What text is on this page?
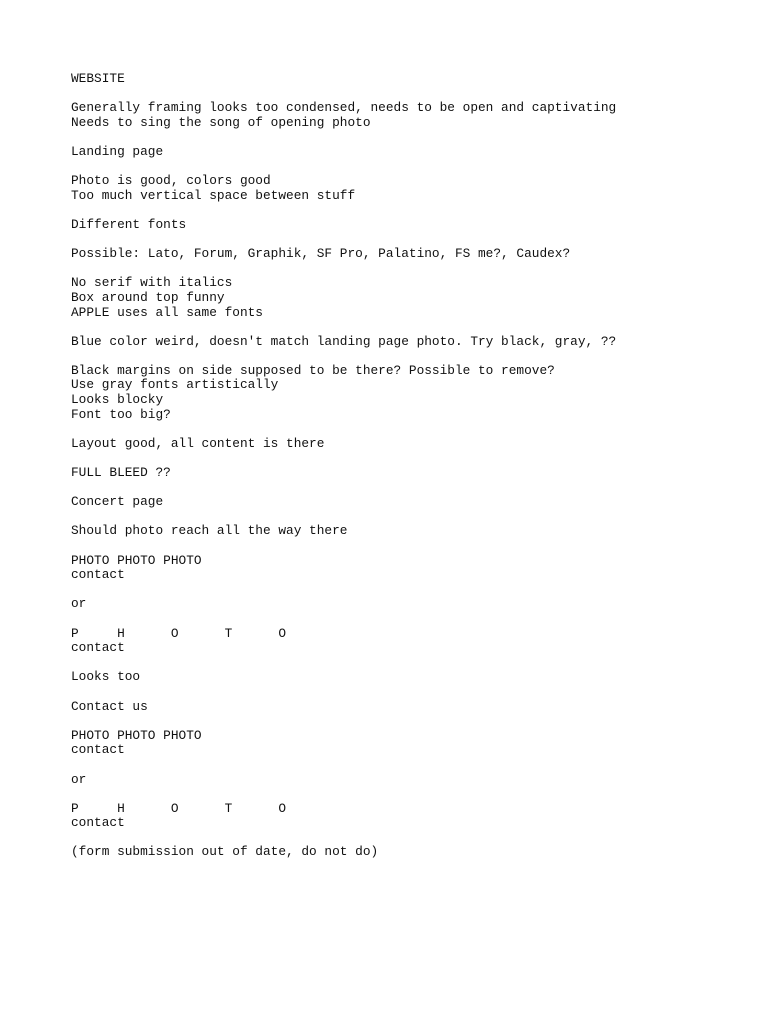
WEBSITE
Generally framing looks too condensed, needs to be open and captivating
Needs to sing the song of opening photo
Landing page
Photo is good, colors good
Too much vertical space between stuff
Different fonts
Possible: Lato, Forum, Graphik, SF Pro, Palatino, FS me?, Caudex?
No serif with italics
Box around top funny
APPLE uses all same fonts
Blue color weird, doesn't match landing page photo. Try black, gray, ??
Black margins on side supposed to be there? Possible to remove?
Use gray fonts artistically
Looks blocky
Font too big?
Layout good, all content is there
FULL BLEED ??
Concert page
Should photo reach all the way there
PHOTO PHOTO PHOTO
contact
or
P     H      O      T      O
contact
Looks too
Contact us
PHOTO PHOTO PHOTO
contact
or
P     H      O      T      O
contact
(form submission out of date, do not do)
